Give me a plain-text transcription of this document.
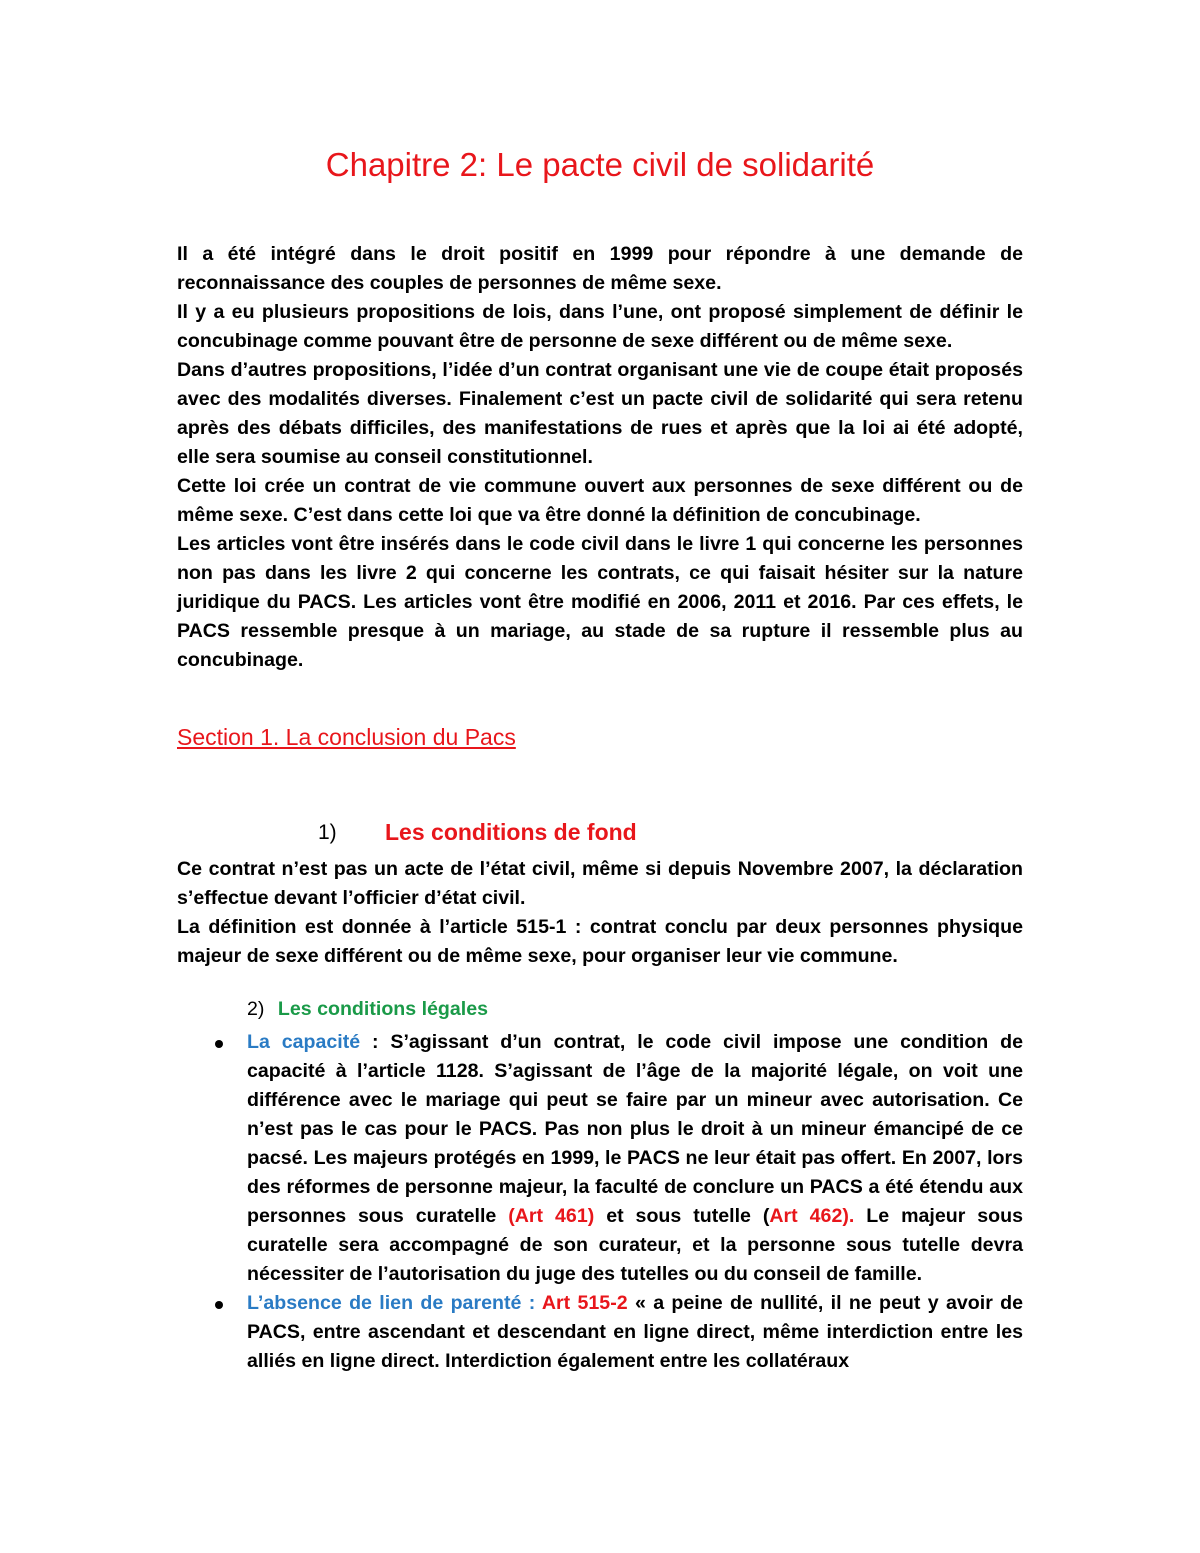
Chapitre 2: Le pacte civil de solidarité

Il a été intégré dans le droit positif en 1999 pour répondre à une demande de reconnaissance des couples de personnes de même sexe.

Il y a eu plusieurs propositions de lois, dans l’une, ont proposé simplement de définir le concubinage comme pouvant être de personne de sexe différent ou de même sexe.

Dans d’autres propositions, l’idée d’un contrat organisant une vie de coupe était proposés avec des modalités diverses. Finalement c’est un pacte civil de solidarité qui sera retenu après des débats difficiles, des manifestations de rues et après que la loi ai été adopté, elle sera soumise au conseil constitutionnel.

Cette loi crée un contrat de vie commune ouvert aux personnes de sexe différent ou de même sexe. C’est dans cette loi que va être donné la définition de concubinage.

Les articles vont être insérés dans le code civil dans le livre 1 qui concerne les personnes non pas dans les livre 2 qui concerne les contrats, ce qui faisait hésiter sur la nature juridique du PACS. Les articles vont être modifié en 2006, 2011 et 2016. Par ces effets, le PACS ressemble presque à un mariage, au stade de sa rupture il ressemble plus au concubinage.

Section 1. La conclusion du Pacs
1) Les conditions de fond

Ce contrat n’est pas un acte de l’état civil, même si depuis Novembre 2007, la déclaration s’effectue devant l’officier d’état civil.

La définition est donnée à l’article 515-1 : contrat conclu par deux personnes physique majeur de sexe différent ou de même sexe, pour organiser leur vie commune.

2) Les conditions légales
La capacité : S’agissant d’un contrat, le code civil impose une condition de capacité à l’article 1128. S’agissant de l’âge de la majorité légale, on voit une différence avec le mariage qui peut se faire par un mineur avec autorisation. Ce n’est pas le cas pour le PACS. Pas non plus le droit à un mineur émancipé de ce pacsé. Les majeurs protégés en 1999, le PACS ne leur était pas offert. En 2007, lors des réformes de personne majeur, la faculté de conclure un PACS a été étendu aux personnes sous curatelle (Art 461) et sous tutelle (Art 462). Le majeur sous curatelle sera accompagné de son curateur, et la personne sous tutelle devra nécessiter de l’autorisation du juge des tutelles ou du conseil de famille.
L’absence de lien de parenté : Art 515-2 « a peine de nullité, il ne peut y avoir de PACS, entre ascendant et descendant en ligne direct, même interdiction entre les alliés en ligne direct. Interdiction également entre les collatéraux
